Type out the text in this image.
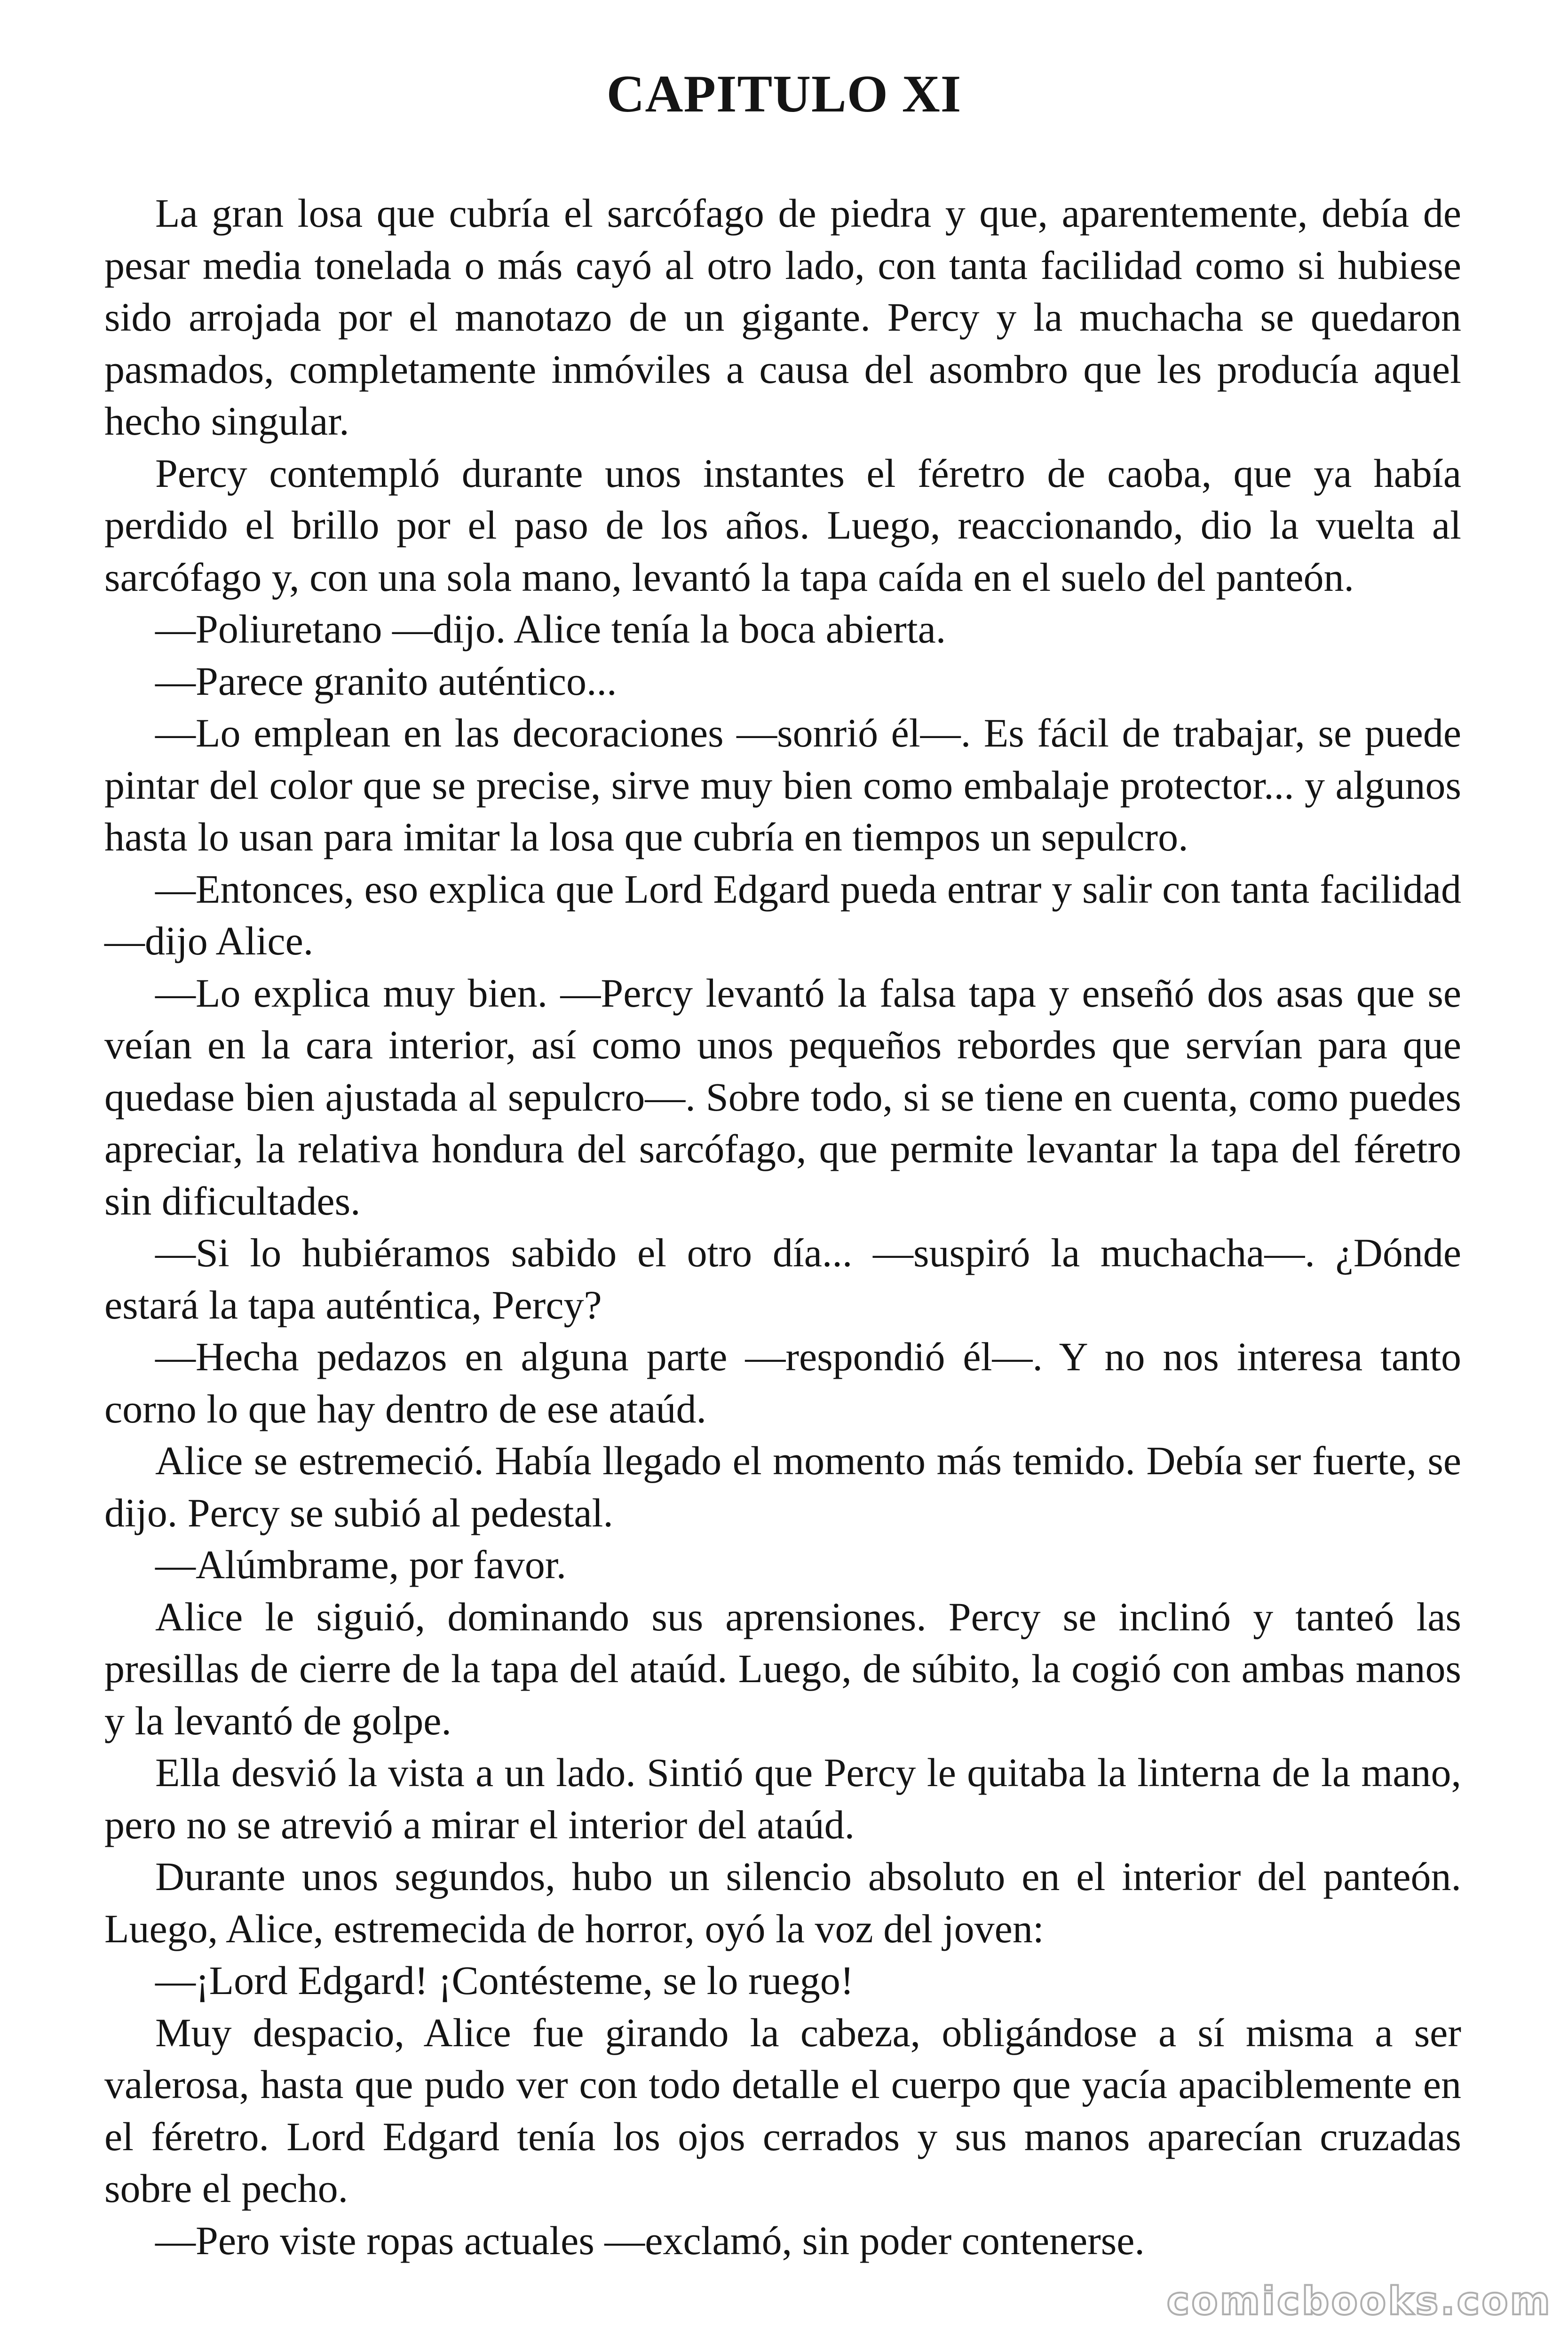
CAPITULO XI

La gran losa que cubría el sarcófago de piedra y que, aparentemente, debía de pesar media tonelada o más cayó al otro lado, con tanta facilidad como si hubiese sido arrojada por el manotazo de un gigante. Percy y la muchacha se quedaron pasmados, completamente inmóviles a causa del asombro que les producía aquel hecho singular.

Percy contempló durante unos instantes el féretro de caoba, que ya había perdido el brillo por el paso de los años. Luego, reaccionando, dio la vuelta al sarcófago y, con una sola mano, levantó la tapa caída en el suelo del panteón.

—Poliuretano —dijo. Alice tenía la boca abierta.

—Parece granito auténtico...

—Lo emplean en las decoraciones —sonrió él—. Es fácil de trabajar, se puede pintar del color que se precise, sirve muy bien como embalaje protector... y algunos hasta lo usan para imitar la losa que cubría en tiempos un sepulcro.

—Entonces, eso explica que Lord Edgard pueda entrar y salir con tanta facilidad —dijo Alice.

—Lo explica muy bien. —Percy levantó la falsa tapa y enseñó dos asas que se veían en la cara interior, así como unos pequeños rebordes que servían para que quedase bien ajustada al sepulcro—. Sobre todo, si se tiene en cuenta, como puedes apreciar, la relativa hondura del sarcófago, que permite levantar la tapa del féretro sin dificultades.

—Si lo hubiéramos sabido el otro día... —suspiró la muchacha—. ¿Dónde estará la tapa auténtica, Percy?

—Hecha pedazos en alguna parte —respondió él—. Y no nos interesa tanto corno lo que hay dentro de ese ataúd.

Alice se estremeció. Había llegado el momento más temido. Debía ser fuerte, se dijo. Percy se subió al pedestal.

—Alúmbrame, por favor.

Alice le siguió, dominando sus aprensiones. Percy se inclinó y tanteó las presillas de cierre de la tapa del ataúd. Luego, de súbito, la cogió con ambas manos y la levantó de golpe.

Ella desvió la vista a un lado. Sintió que Percy le quitaba la linterna de la mano, pero no se atrevió a mirar el interior del ataúd.

Durante unos segundos, hubo un silencio absoluto en el interior del panteón. Luego, Alice, estremecida de horror, oyó la voz del joven:

—¡Lord Edgard! ¡Contésteme, se lo ruego!

Muy despacio, Alice fue girando la cabeza, obligándose a sí misma a ser valerosa, hasta que pudo ver con todo detalle el cuerpo que yacía apaciblemente en el féretro. Lord Edgard tenía los ojos cerrados y sus manos aparecían cruzadas sobre el pecho.

—Pero viste ropas actuales —exclamó, sin poder contenerse.

comicbooks.com
